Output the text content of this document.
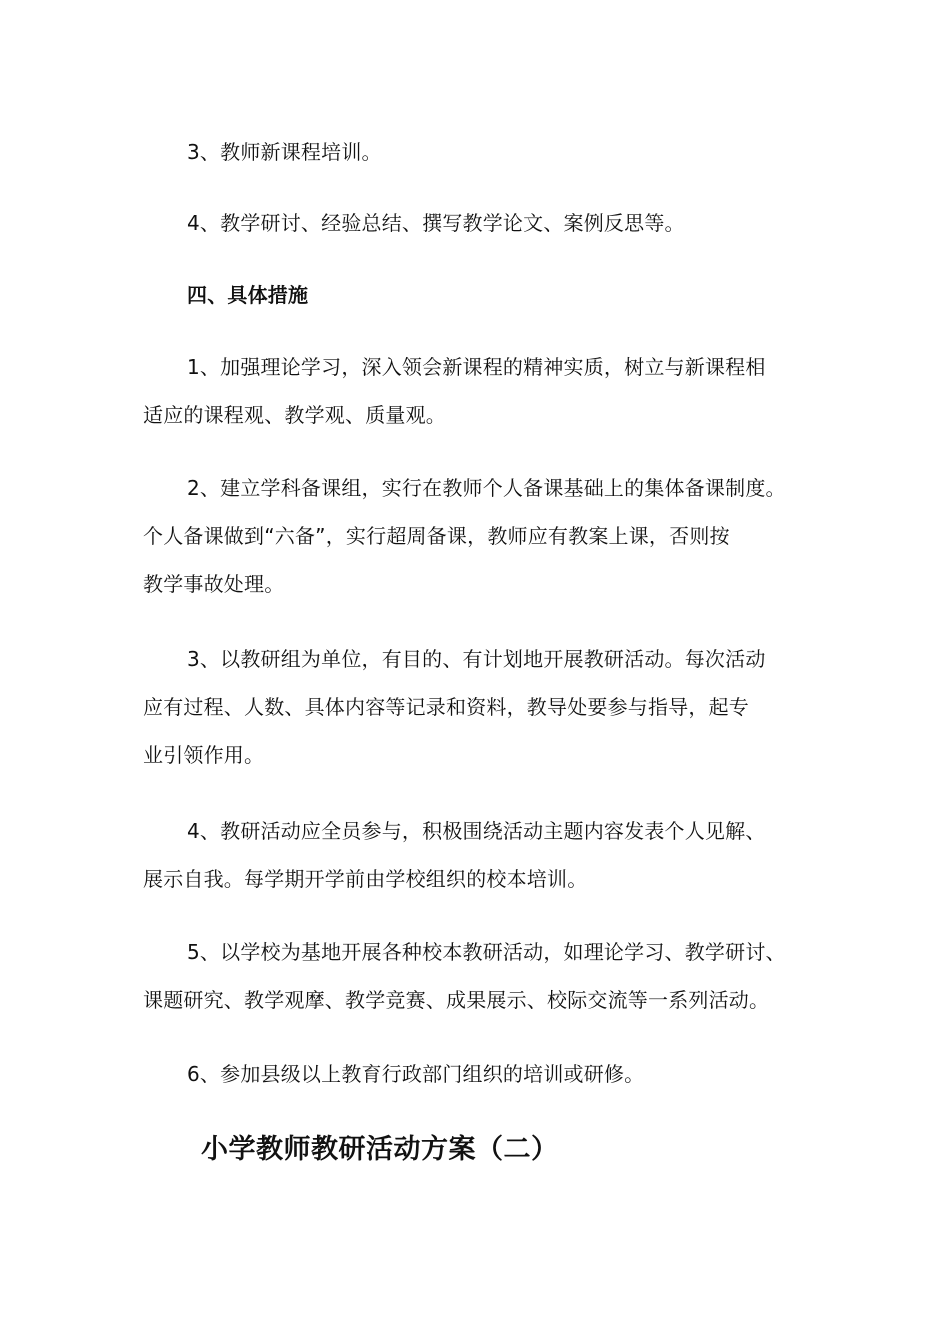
3、教师新课程培训。

4、教学研讨、经验总结、撰写教学论文、案例反思等。

四、具体措施

1、加强理论学习，深入领会新课程的精神实质，树立与新课程相
适应的课程观、教学观、质量观。

2、建立学科备课组，实行在教师个人备课基础上的集体备课制度。
个人备课做到“六备”，实行超周备课，教师应有教案上课，否则按
教学事故处理。

3、以教研组为单位，有目的、有计划地开展教研活动。每次活动
应有过程、人数、具体内容等记录和资料，教导处要参与指导，起专
业引领作用。

4、教研活动应全员参与，积极围绕活动主题内容发表个人见解、
展示自我。每学期开学前由学校组织的校本培训。

5、以学校为基地开展各种校本教研活动，如理论学习、教学研讨、
课题研究、教学观摩、教学竞赛、成果展示、校际交流等一系列活动。

6、参加县级以上教育行政部门组织的培训或研修。

小学教师教研活动方案（二）
